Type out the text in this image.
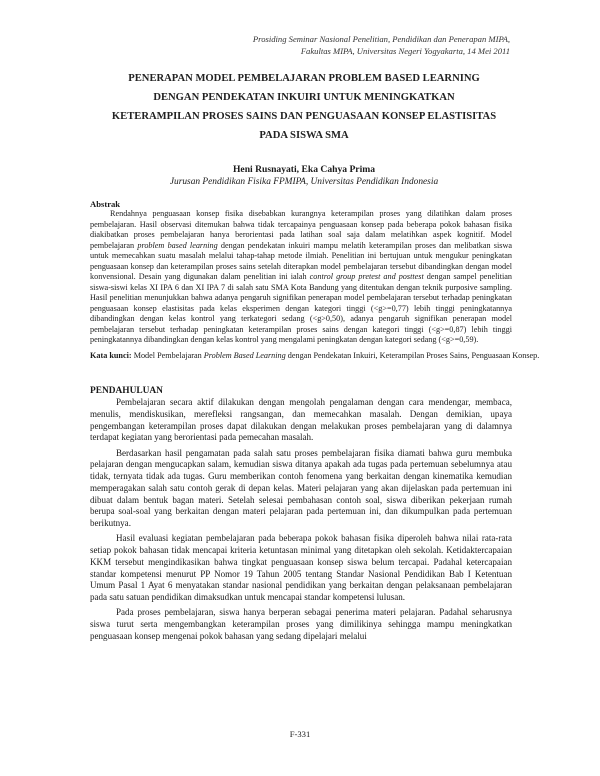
Prosiding Seminar Nasional Penelitian, Pendidikan dan Penerapan MIPA,
Fakultas MIPA, Universitas Negeri Yogyakarta, 14 Mei 2011
PENERAPAN MODEL PEMBELAJARAN PROBLEM BASED LEARNING
DENGAN PENDEKATAN INKUIRI UNTUK MENINGKATKAN
KETERAMPILAN PROSES SAINS DAN PENGUASAAN KONSEP ELASTISITAS
PADA SISWA SMA
Heni Rusnayati, Eka Cahya Prima
Jurusan Pendidikan Fisika FPMIPA, Universitas Pendidikan Indonesia
Abstrak

Rendahnya penguasaan konsep fisika disebabkan kurangnya keterampilan proses yang dilatihkan dalam proses pembelajaran. Hasil observasi ditemukan bahwa tidak tercapainya penguasaan konsep pada beberapa pokok bahasan fisika diakibatkan proses pembelajaran hanya berorientasi pada latihan soal saja dalam melatihkan aspek kognitif. Model pembelajaran problem based learning dengan pendekatan inkuiri mampu melatih keterampilan proses dan melibatkan siswa untuk memecahkan suatu masalah melalui tahap-tahap metode ilmiah. Penelitian ini bertujuan untuk mengukur peningkatan penguasaan konsep dan keterampilan proses sains setelah diterapkan model pembelajaran tersebut dibandingkan dengan model konvensional. Desain yang digunakan dalam penelitian ini ialah control group pretest and posttest dengan sampel penelitian siswa-siswi kelas XI IPA 6 dan XI IPA 7 di salah satu SMA Kota Bandung yang ditentukan dengan teknik purposive sampling. Hasil penelitian menunjukkan bahwa adanya pengaruh signifikan penerapan model pembelajaran tersebut terhadap peningkatan penguasaan konsep elastisitas pada kelas eksperimen dengan kategori tinggi (<g>=0,77) lebih tinggi peningkatannya dibandingkan dengan kelas kontrol yang terkategori sedang (<g>0,50), adanya pengaruh signifikan penerapan model pembelajaran tersebut terhadap peningkatan keterampilan proses sains dengan kategori tinggi (<g>=0,87) lebih tinggi peningkatannya dibandingkan dengan kelas kontrol yang mengalami peningkatan dengan kategori sedang (<g>=0,59).

Kata kunci: Model Pembelajaran Problem Based Learning dengan Pendekatan Inkuiri, Keterampilan Proses Sains, Penguasaan Konsep.
PENDAHULUAN

Pembelajaran secara aktif dilakukan dengan mengolah pengalaman dengan cara mendengar, membaca, menulis, mendiskusikan, merefleksi rangsangan, dan memecahkan masalah. Dengan demikian, upaya pengembangan keterampilan proses dapat dilakukan dengan melakukan proses pembelajaran yang di dalamnya terdapat kegiatan yang berorientasi pada pemecahan masalah.

Berdasarkan hasil pengamatan pada salah satu proses pembelajaran fisika diamati bahwa guru membuka pelajaran dengan mengucapkan salam, kemudian siswa ditanya apakah ada tugas pada pertemuan sebelumnya atau tidak, ternyata tidak ada tugas. Guru memberikan contoh fenomena yang berkaitan dengan kinematika kemudian memperagakan salah satu contoh gerak di depan kelas. Materi pelajaran yang akan dijelaskan pada pertemuan ini dibuat dalam bentuk bagan materi. Setelah selesai pembahasan contoh soal, siswa diberikan pekerjaan rumah berupa soal-soal yang berkaitan dengan materi pelajaran pada pertemuan ini, dan dikumpulkan pada pertemuan berikutnya.

Hasil evaluasi kegiatan pembelajaran pada beberapa pokok bahasan fisika diperoleh bahwa nilai rata-rata setiap pokok bahasan tidak mencapai kriteria ketuntasan minimal yang ditetapkan oleh sekolah. Ketidaktercapaian KKM tersebut mengindikasikan bahwa tingkat penguasaan konsep siswa belum tercapai. Padahal ketercapaian standar kompetensi menurut PP Nomor 19 Tahun 2005 tentang Standar Nasional Pendidikan Bab I Ketentuan Umum Pasal 1 Ayat 6 menyatakan standar nasional pendidikan yang berkaitan dengan pelaksanaan pembelajaran pada satu satuan pendidikan dimaksudkan untuk mencapai standar kompetensi lulusan.

Pada proses pembelajaran, siswa hanya berperan sebagai penerima materi pelajaran. Padahal seharusnya siswa turut serta mengembangkan keterampilan proses yang dimilikinya sehingga mampu meningkatkan penguasaan konsep mengenai pokok bahasan yang sedang dipelajari melalui

F-331
